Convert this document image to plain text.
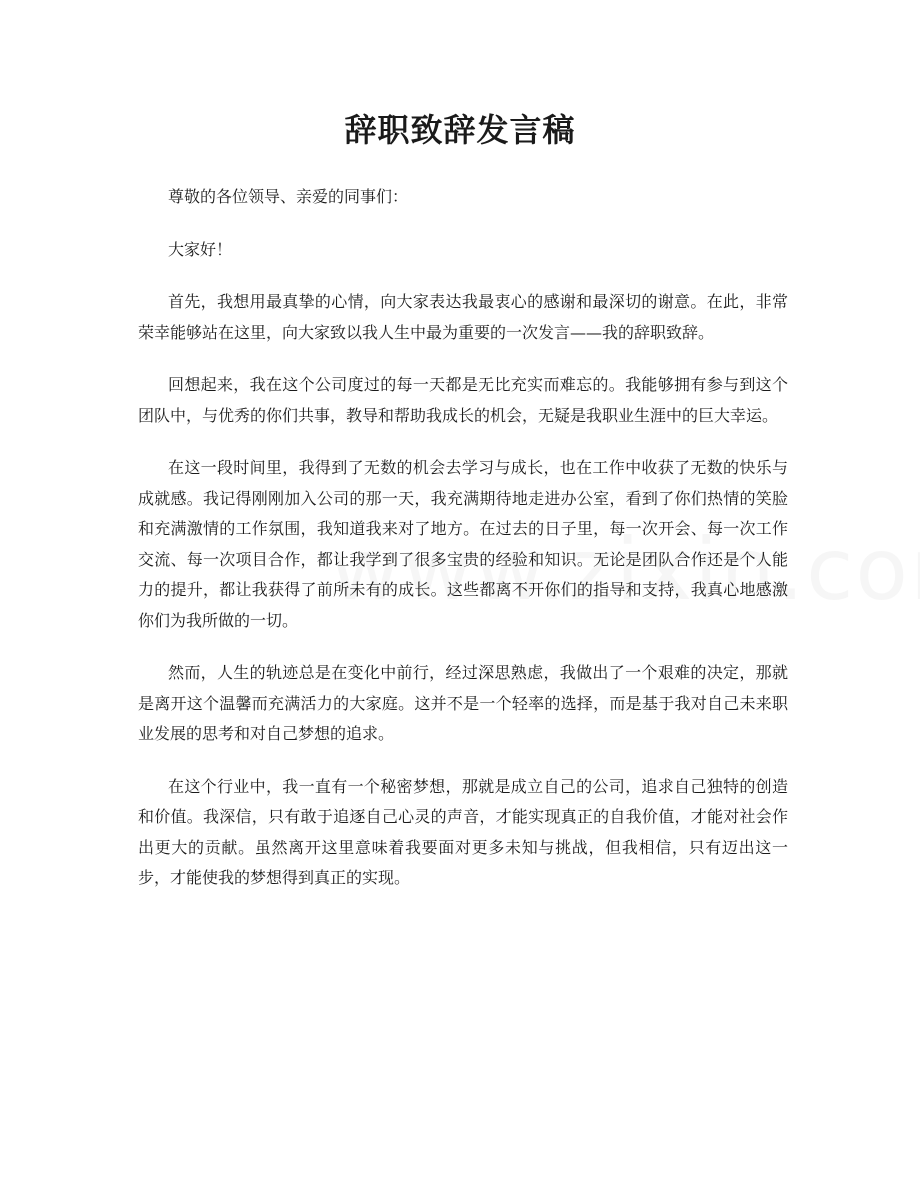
辞职致辞发言稿

尊敬的各位领导、亲爱的同事们：

大家好！

首先，我想用最真挚的心情，向大家表达我最衷心的感谢和最深切的谢意。在此，非常荣幸能够站在这里，向大家致以我人生中最为重要的一次发言——我的辞职致辞。

回想起来，我在这个公司度过的每一天都是无比充实而难忘的。我能够拥有参与到这个团队中，与优秀的你们共事，教导和帮助我成长的机会，无疑是我职业生涯中的巨大幸运。

在这一段时间里，我得到了无数的机会去学习与成长，也在工作中收获了无数的快乐与成就感。我记得刚刚加入公司的那一天，我充满期待地走进办公室，看到了你们热情的笑脸和充满激情的工作氛围，我知道我来对了地方。在过去的日子里，每一次开会、每一次工作交流、每一次项目合作，都让我学到了很多宝贵的经验和知识。无论是团队合作还是个人能力的提升，都让我获得了前所未有的成长。这些都离不开你们的指导和支持，我真心地感激你们为我所做的一切。

然而，人生的轨迹总是在变化中前行，经过深思熟虑，我做出了一个艰难的决定，那就是离开这个温馨而充满活力的大家庭。这并不是一个轻率的选择，而是基于我对自己未来职业发展的思考和对自己梦想的追求。

在这个行业中，我一直有一个秘密梦想，那就是成立自己的公司，追求自己独特的创造和价值。我深信，只有敢于追逐自己心灵的声音，才能实现真正的自我价值，才能对社会作出更大的贡献。虽然离开这里意味着我要面对更多未知与挑战，但我相信，只有迈出这一步，才能使我的梦想得到真正的实现。
